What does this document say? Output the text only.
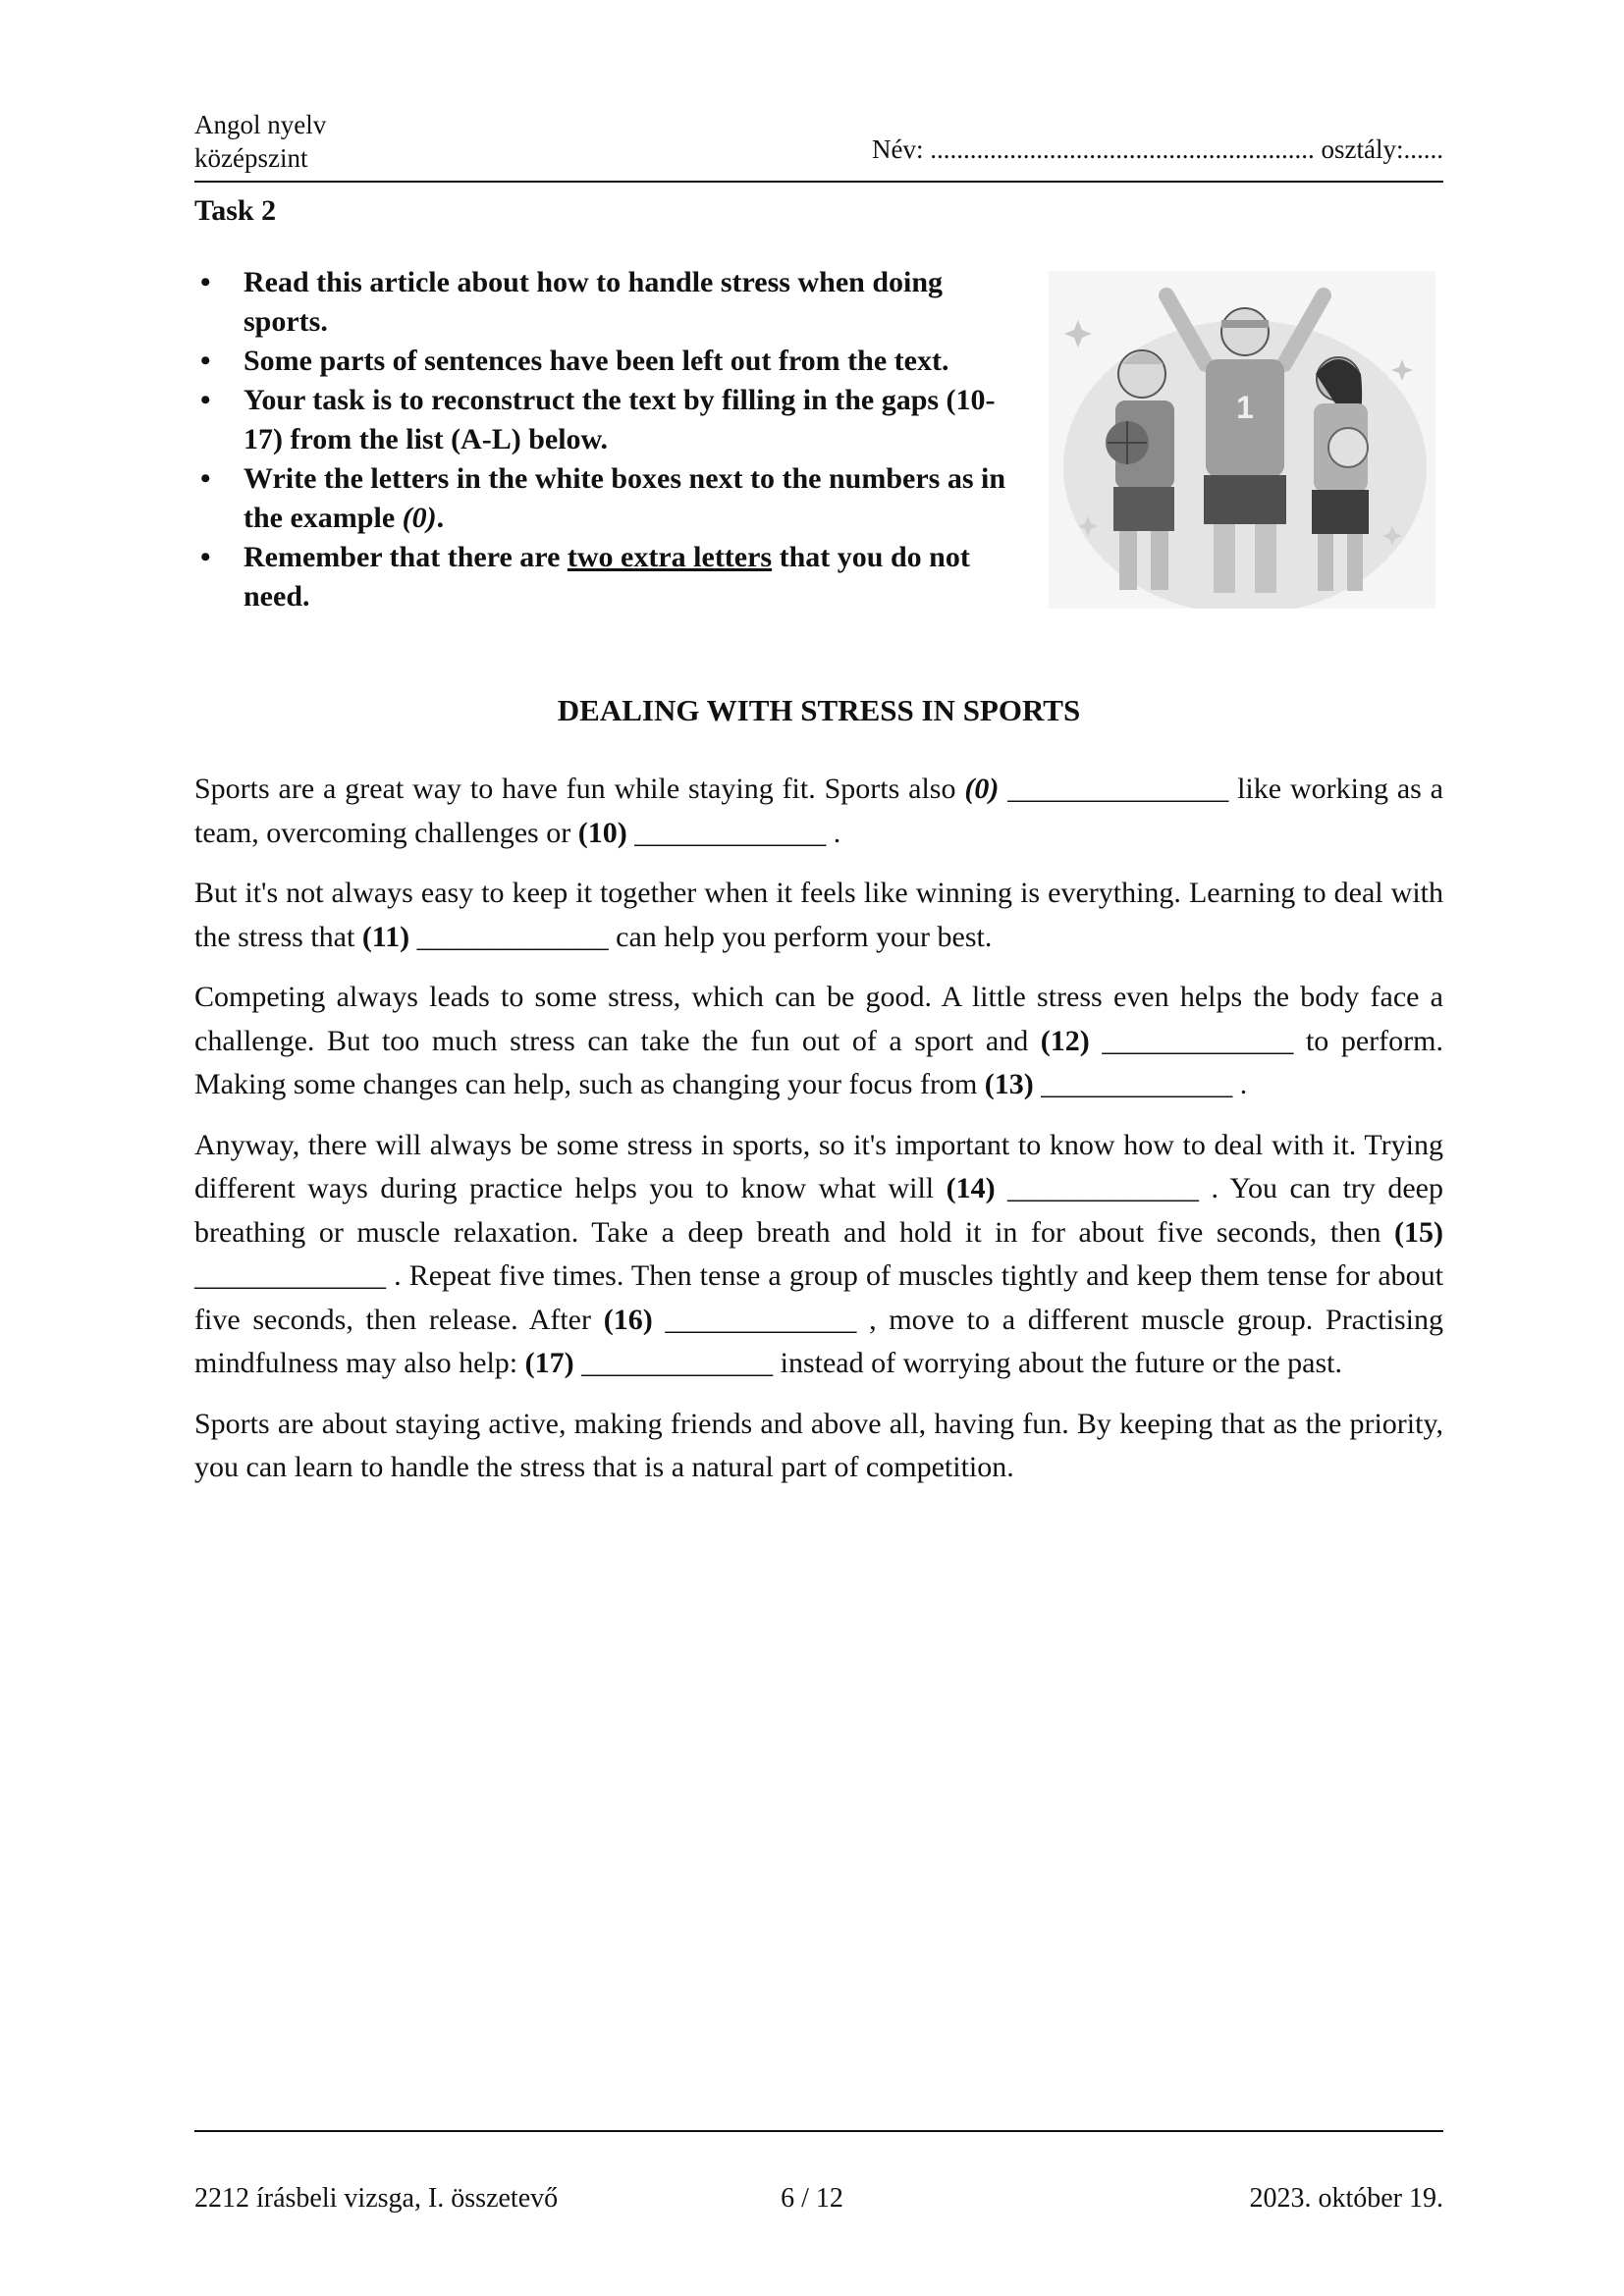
Angol nyelv
középszint	Név: .......................................................... osztály:......
Task 2
• Read this article about how to handle stress when doing sports.
• Some parts of sentences have been left out from the text.
• Your task is to reconstruct the text by filling in the gaps (10-17) from the list (A-L) below.
• Write the letters in the white boxes next to the numbers as in the example (0).
• Remember that there are two extra letters that you do not need.
1
DEALING WITH STRESS IN SPORTS

Sports are a great way to have fun while staying fit. Sports also (0) _______________ like working as a team, overcoming challenges or (10) _____________ .

But it's not always easy to keep it together when it feels like winning is everything. Learning to deal with the stress that (11) _____________ can help you perform your best.

Competing always leads to some stress, which can be good. A little stress even helps the body face a challenge. But too much stress can take the fun out of a sport and (12) _____________ to perform. Making some changes can help, such as changing your focus from (13) _____________ .

Anyway, there will always be some stress in sports, so it's important to know how to deal with it. Trying different ways during practice helps you to know what will (14) _____________ . You can try deep breathing or muscle relaxation. Take a deep breath and hold it in for about five seconds, then (15) _____________ . Repeat five times. Then tense a group of muscles tightly and keep them tense for about five seconds, then release. After (16) _____________ , move to a different muscle group. Practising mindfulness may also help: (17) _____________ instead of worrying about the future or the past.

Sports are about staying active, making friends and above all, having fun. By keeping that as the priority, you can learn to handle the stress that is a natural part of competition.

2212 írásbeli vizsga, I. összetevő	6 / 12	2023. október 19.
